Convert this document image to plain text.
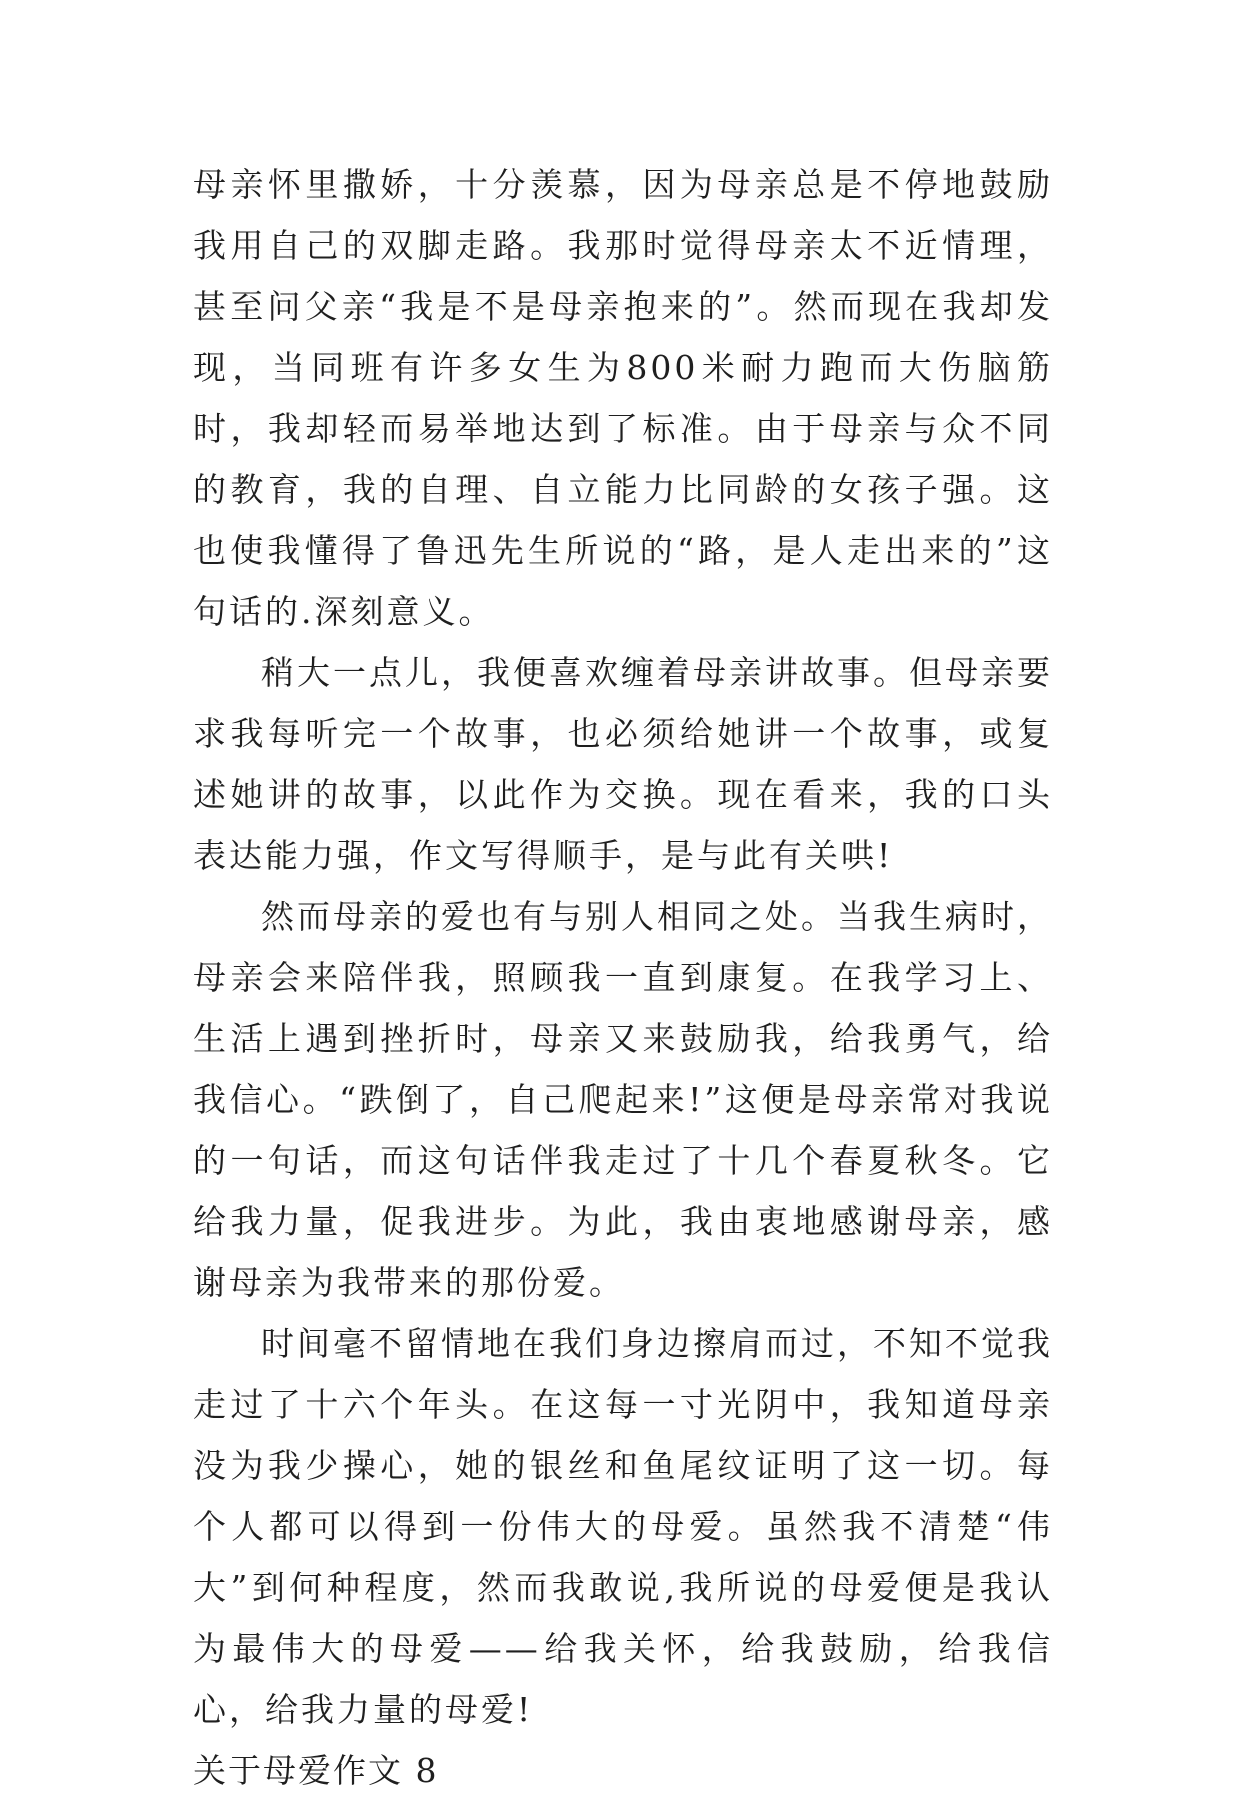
母亲怀里撒娇，十分羡慕，因为母亲总是不停地鼓励我用自己的双脚走路。我那时觉得母亲太不近情理，甚至问父亲“我是不是母亲抱来的”。然而现在我却发现，当同班有许多女生为800米耐力跑而大伤脑筋时，我却轻而易举地达到了标准。由于母亲与众不同的教育，我的自理、自立能力比同龄的女孩子强。这也使我懂得了鲁迅先生所说的“路，是人走出来的”这句话的.深刻意义。

稍大一点儿，我便喜欢缠着母亲讲故事。但母亲要求我每听完一个故事，也必须给她讲一个故事，或复述她讲的故事，以此作为交换。现在看来，我的口头表达能力强，作文写得顺手，是与此有关哄!

然而母亲的爱也有与别人相同之处。当我生病时，母亲会来陪伴我，照顾我一直到康复。在我学习上、生活上遇到挫折时，母亲又来鼓励我，给我勇气，给我信心。“跌倒了，自己爬起来!”这便是母亲常对我说的一句话，而这句话伴我走过了十几个春夏秋冬。它给我力量，促我进步。为此，我由衷地感谢母亲，感谢母亲为我带来的那份爱。

时间毫不留情地在我们身边擦肩而过，不知不觉我走过了十六个年头。在这每一寸光阴中，我知道母亲没为我少操心，她的银丝和鱼尾纹证明了这一切。每个人都可以得到一份伟大的母爱。虽然我不清楚“伟大”到何种程度，然而我敢说,我所说的母爱便是我认为最伟大的母爱——给我关怀，给我鼓励，给我信心，给我力量的母爱!

关于母爱作文 8
